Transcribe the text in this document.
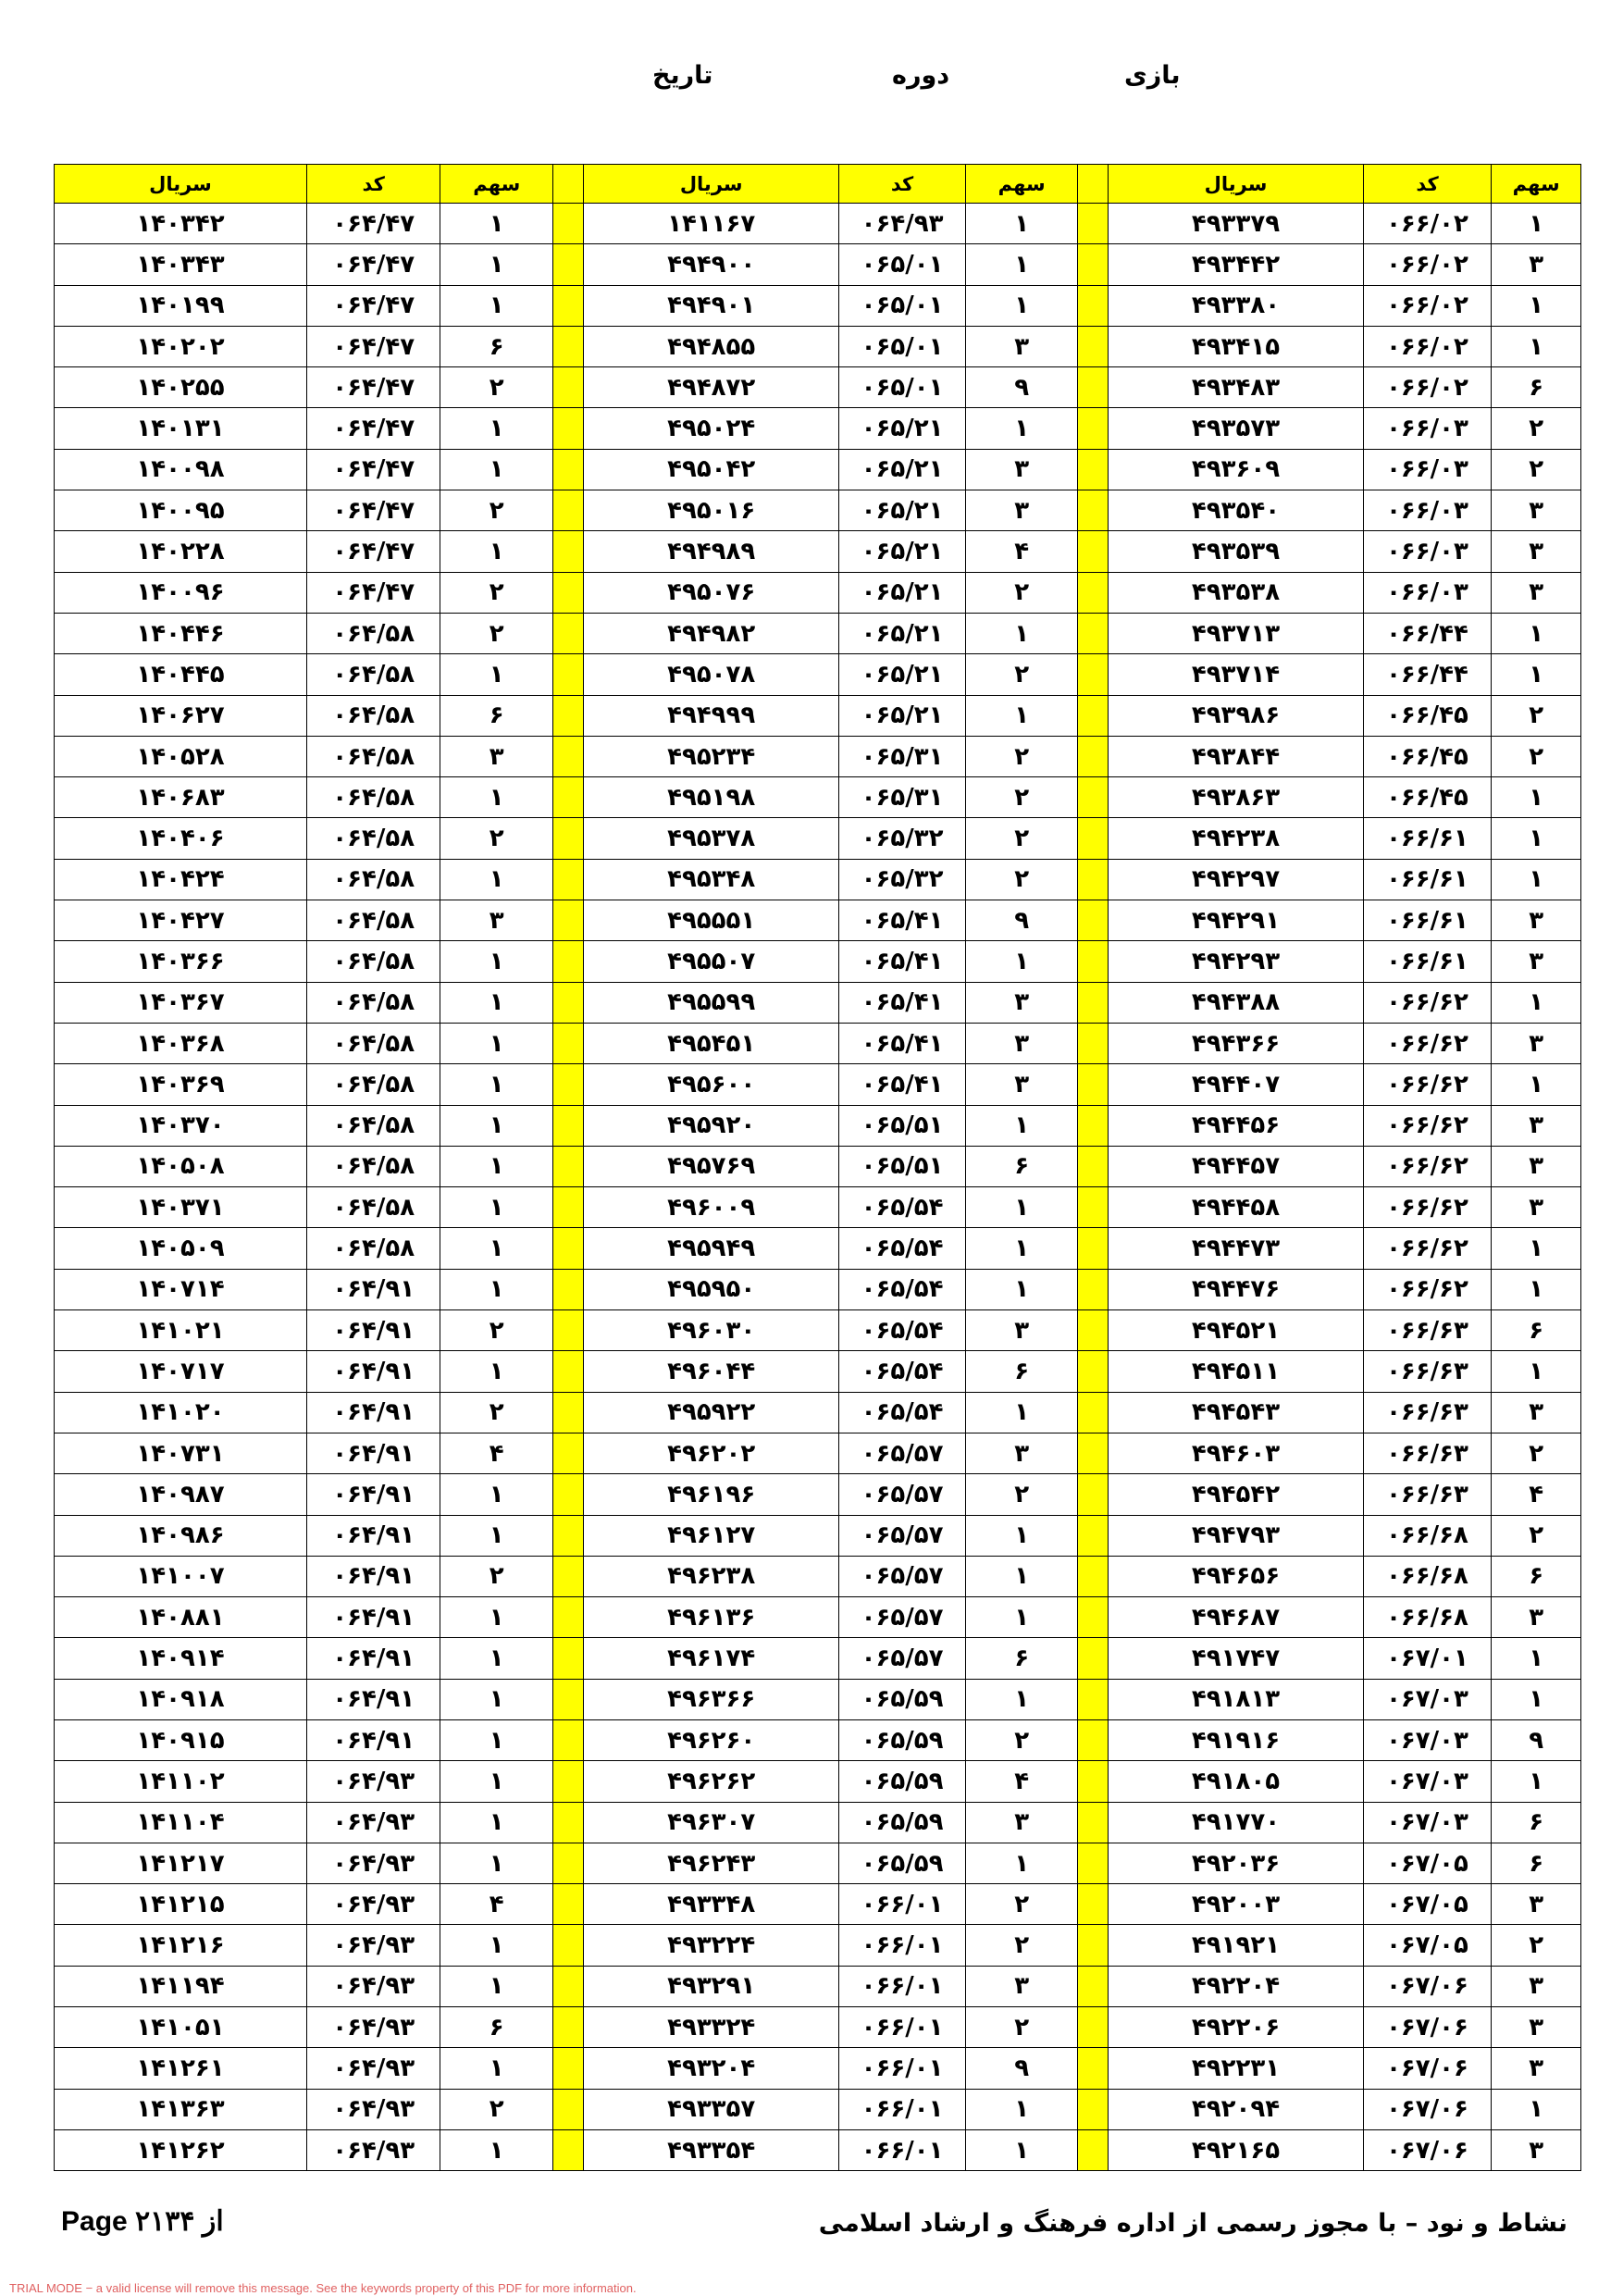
بازی
دوره
تاریخ
سهم	کد	سریال		سهم	کد	سریال		سهم	کد	سریال
۱	۰۶۶/۰۲	۴۹۳۳۷۹		۱	۰۶۴/۹۳	۱۴۱۱۶۷		۱	۰۶۴/۴۷	۱۴۰۳۴۲
۳	۰۶۶/۰۲	۴۹۳۴۴۲		۱	۰۶۵/۰۱	۴۹۴۹۰۰		۱	۰۶۴/۴۷	۱۴۰۳۴۳
۱	۰۶۶/۰۲	۴۹۳۳۸۰		۱	۰۶۵/۰۱	۴۹۴۹۰۱		۱	۰۶۴/۴۷	۱۴۰۱۹۹
۱	۰۶۶/۰۲	۴۹۳۴۱۵		۳	۰۶۵/۰۱	۴۹۴۸۵۵		۶	۰۶۴/۴۷	۱۴۰۲۰۲
۶	۰۶۶/۰۲	۴۹۳۴۸۳		۹	۰۶۵/۰۱	۴۹۴۸۷۲		۲	۰۶۴/۴۷	۱۴۰۲۵۵
۲	۰۶۶/۰۳	۴۹۳۵۷۳		۱	۰۶۵/۲۱	۴۹۵۰۲۴		۱	۰۶۴/۴۷	۱۴۰۱۳۱
۲	۰۶۶/۰۳	۴۹۳۶۰۹		۳	۰۶۵/۲۱	۴۹۵۰۴۲		۱	۰۶۴/۴۷	۱۴۰۰۹۸
۳	۰۶۶/۰۳	۴۹۳۵۴۰		۳	۰۶۵/۲۱	۴۹۵۰۱۶		۲	۰۶۴/۴۷	۱۴۰۰۹۵
۳	۰۶۶/۰۳	۴۹۳۵۳۹		۴	۰۶۵/۲۱	۴۹۴۹۸۹		۱	۰۶۴/۴۷	۱۴۰۲۲۸
۳	۰۶۶/۰۳	۴۹۳۵۳۸		۲	۰۶۵/۲۱	۴۹۵۰۷۶		۲	۰۶۴/۴۷	۱۴۰۰۹۶
۱	۰۶۶/۴۴	۴۹۳۷۱۳		۱	۰۶۵/۲۱	۴۹۴۹۸۲		۲	۰۶۴/۵۸	۱۴۰۴۴۶
۱	۰۶۶/۴۴	۴۹۳۷۱۴		۲	۰۶۵/۲۱	۴۹۵۰۷۸		۱	۰۶۴/۵۸	۱۴۰۴۴۵
۲	۰۶۶/۴۵	۴۹۳۹۸۶		۱	۰۶۵/۲۱	۴۹۴۹۹۹		۶	۰۶۴/۵۸	۱۴۰۶۲۷
۲	۰۶۶/۴۵	۴۹۳۸۴۴		۲	۰۶۵/۳۱	۴۹۵۲۳۴		۳	۰۶۴/۵۸	۱۴۰۵۲۸
۱	۰۶۶/۴۵	۴۹۳۸۶۳		۲	۰۶۵/۳۱	۴۹۵۱۹۸		۱	۰۶۴/۵۸	۱۴۰۶۸۳
۱	۰۶۶/۶۱	۴۹۴۲۳۸		۲	۰۶۵/۳۲	۴۹۵۳۷۸		۲	۰۶۴/۵۸	۱۴۰۴۰۶
۱	۰۶۶/۶۱	۴۹۴۲۹۷		۲	۰۶۵/۳۲	۴۹۵۳۴۸		۱	۰۶۴/۵۸	۱۴۰۴۲۴
۳	۰۶۶/۶۱	۴۹۴۲۹۱		۹	۰۶۵/۴۱	۴۹۵۵۵۱		۳	۰۶۴/۵۸	۱۴۰۴۲۷
۳	۰۶۶/۶۱	۴۹۴۲۹۳		۱	۰۶۵/۴۱	۴۹۵۵۰۷		۱	۰۶۴/۵۸	۱۴۰۳۶۶
۱	۰۶۶/۶۲	۴۹۴۳۸۸		۳	۰۶۵/۴۱	۴۹۵۵۹۹		۱	۰۶۴/۵۸	۱۴۰۳۶۷
۳	۰۶۶/۶۲	۴۹۴۳۶۶		۳	۰۶۵/۴۱	۴۹۵۴۵۱		۱	۰۶۴/۵۸	۱۴۰۳۶۸
۱	۰۶۶/۶۲	۴۹۴۴۰۷		۳	۰۶۵/۴۱	۴۹۵۶۰۰		۱	۰۶۴/۵۸	۱۴۰۳۶۹
۳	۰۶۶/۶۲	۴۹۴۴۵۶		۱	۰۶۵/۵۱	۴۹۵۹۲۰		۱	۰۶۴/۵۸	۱۴۰۳۷۰
۳	۰۶۶/۶۲	۴۹۴۴۵۷		۶	۰۶۵/۵۱	۴۹۵۷۶۹		۱	۰۶۴/۵۸	۱۴۰۵۰۸
۳	۰۶۶/۶۲	۴۹۴۴۵۸		۱	۰۶۵/۵۴	۴۹۶۰۰۹		۱	۰۶۴/۵۸	۱۴۰۳۷۱
۱	۰۶۶/۶۲	۴۹۴۴۷۳		۱	۰۶۵/۵۴	۴۹۵۹۴۹		۱	۰۶۴/۵۸	۱۴۰۵۰۹
۱	۰۶۶/۶۲	۴۹۴۴۷۶		۱	۰۶۵/۵۴	۴۹۵۹۵۰		۱	۰۶۴/۹۱	۱۴۰۷۱۴
۶	۰۶۶/۶۳	۴۹۴۵۲۱		۳	۰۶۵/۵۴	۴۹۶۰۳۰		۲	۰۶۴/۹۱	۱۴۱۰۲۱
۱	۰۶۶/۶۳	۴۹۴۵۱۱		۶	۰۶۵/۵۴	۴۹۶۰۴۴		۱	۰۶۴/۹۱	۱۴۰۷۱۷
۳	۰۶۶/۶۳	۴۹۴۵۴۳		۱	۰۶۵/۵۴	۴۹۵۹۲۲		۲	۰۶۴/۹۱	۱۴۱۰۲۰
۲	۰۶۶/۶۳	۴۹۴۶۰۳		۳	۰۶۵/۵۷	۴۹۶۲۰۲		۴	۰۶۴/۹۱	۱۴۰۷۳۱
۴	۰۶۶/۶۳	۴۹۴۵۴۲		۲	۰۶۵/۵۷	۴۹۶۱۹۶		۱	۰۶۴/۹۱	۱۴۰۹۸۷
۲	۰۶۶/۶۸	۴۹۴۷۹۳		۱	۰۶۵/۵۷	۴۹۶۱۲۷		۱	۰۶۴/۹۱	۱۴۰۹۸۶
۶	۰۶۶/۶۸	۴۹۴۶۵۶		۱	۰۶۵/۵۷	۴۹۶۲۳۸		۲	۰۶۴/۹۱	۱۴۱۰۰۷
۳	۰۶۶/۶۸	۴۹۴۶۸۷		۱	۰۶۵/۵۷	۴۹۶۱۳۶		۱	۰۶۴/۹۱	۱۴۰۸۸۱
۱	۰۶۷/۰۱	۴۹۱۷۴۷		۶	۰۶۵/۵۷	۴۹۶۱۷۴		۱	۰۶۴/۹۱	۱۴۰۹۱۴
۱	۰۶۷/۰۳	۴۹۱۸۱۳		۱	۰۶۵/۵۹	۴۹۶۳۶۶		۱	۰۶۴/۹۱	۱۴۰۹۱۸
۹	۰۶۷/۰۳	۴۹۱۹۱۶		۲	۰۶۵/۵۹	۴۹۶۲۶۰		۱	۰۶۴/۹۱	۱۴۰۹۱۵
۱	۰۶۷/۰۳	۴۹۱۸۰۵		۴	۰۶۵/۵۹	۴۹۶۲۶۲		۱	۰۶۴/۹۳	۱۴۱۱۰۲
۶	۰۶۷/۰۳	۴۹۱۷۷۰		۳	۰۶۵/۵۹	۴۹۶۳۰۷		۱	۰۶۴/۹۳	۱۴۱۱۰۴
۶	۰۶۷/۰۵	۴۹۲۰۳۶		۱	۰۶۵/۵۹	۴۹۶۲۴۳		۱	۰۶۴/۹۳	۱۴۱۲۱۷
۳	۰۶۷/۰۵	۴۹۲۰۰۳		۲	۰۶۶/۰۱	۴۹۳۳۴۸		۴	۰۶۴/۹۳	۱۴۱۲۱۵
۲	۰۶۷/۰۵	۴۹۱۹۲۱		۲	۰۶۶/۰۱	۴۹۳۲۲۴		۱	۰۶۴/۹۳	۱۴۱۲۱۶
۳	۰۶۷/۰۶	۴۹۲۲۰۴		۳	۰۶۶/۰۱	۴۹۳۲۹۱		۱	۰۶۴/۹۳	۱۴۱۱۹۴
۳	۰۶۷/۰۶	۴۹۲۲۰۶		۲	۰۶۶/۰۱	۴۹۳۳۲۴		۶	۰۶۴/۹۳	۱۴۱۰۵۱
۳	۰۶۷/۰۶	۴۹۲۲۳۱		۹	۰۶۶/۰۱	۴۹۳۲۰۴		۱	۰۶۴/۹۳	۱۴۱۲۶۱
۱	۰۶۷/۰۶	۴۹۲۰۹۴		۱	۰۶۶/۰۱	۴۹۳۳۵۷		۲	۰۶۴/۹۳	۱۴۱۳۶۳
۳	۰۶۷/۰۶	۴۹۲۱۶۵		۱	۰۶۶/۰۱	۴۹۳۳۵۴		۱	۰۶۴/۹۳	۱۴۱۲۶۲
Page ۲۱۳۴ از	نشاط و نود – با مجوز رسمی از اداره فرهنگ و ارشاد اسلامی
TRIAL MODE − a valid license will remove this message. See the keywords property of this PDF for more information.
